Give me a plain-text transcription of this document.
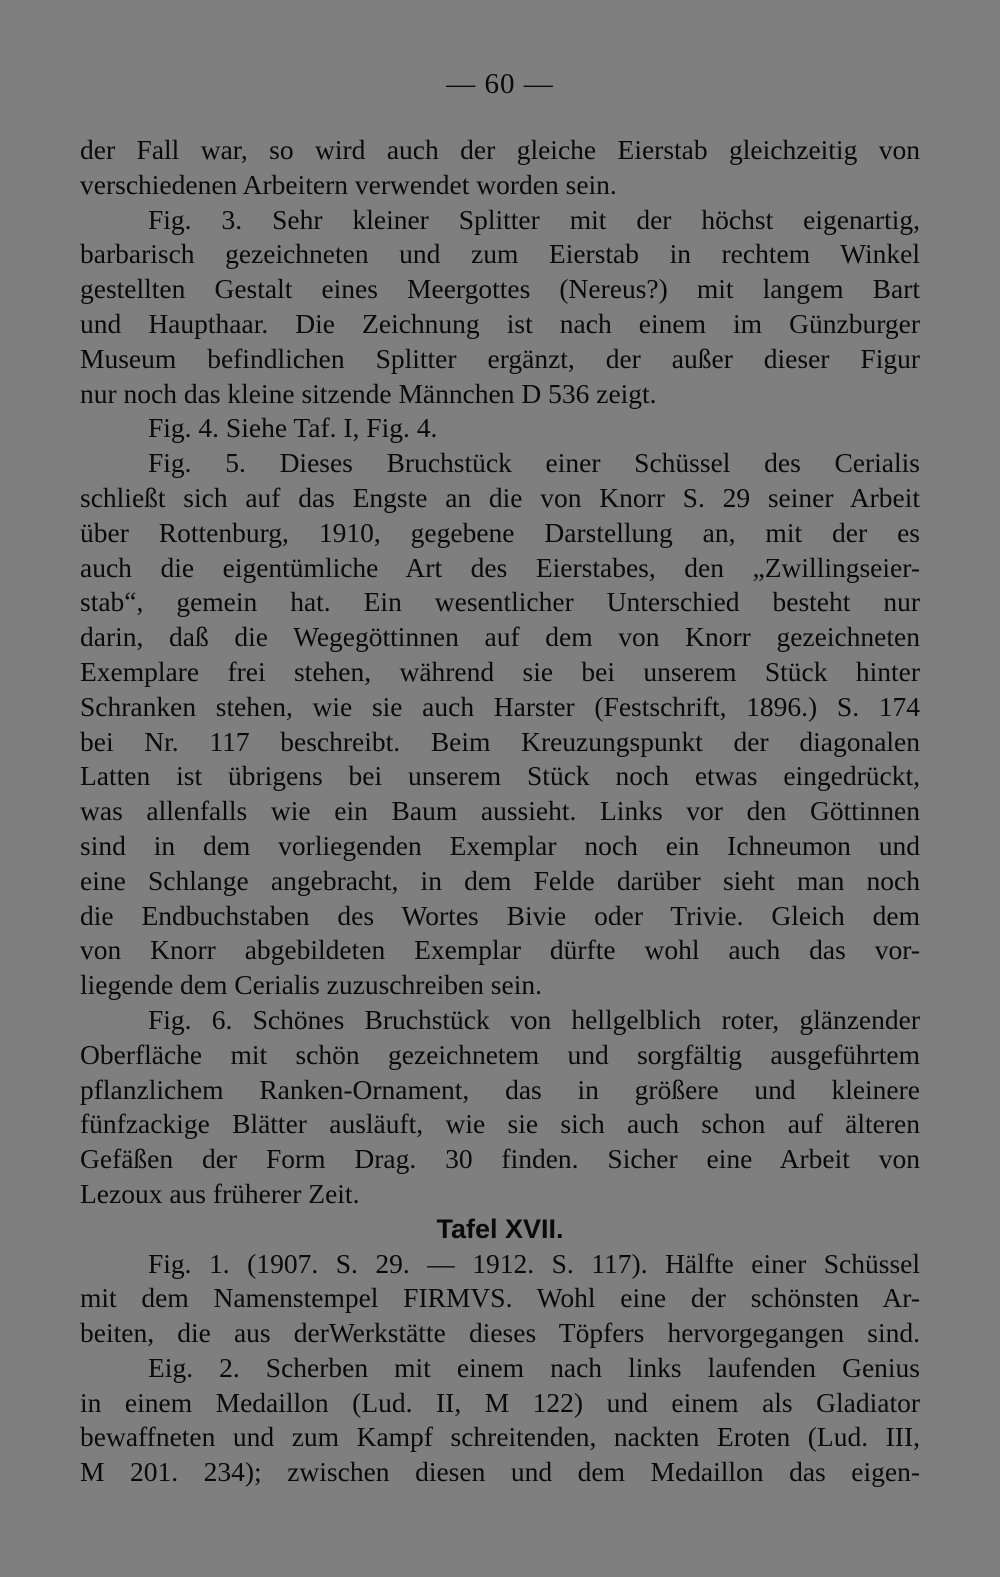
— 60 —
der Fall war, so wird auch der gleiche Eierstab gleichzeitig von
verschiedenen Arbeitern verwendet worden sein.
Fig. 3. Sehr kleiner Splitter mit der höchst eigenartig,
barbarisch gezeichneten und zum Eierstab in rechtem Winkel
gestellten Gestalt eines Meergottes (Nereus?) mit langem Bart
und Haupthaar. Die Zeichnung ist nach einem im Günzburger
Museum befindlichen Splitter ergänzt, der außer dieser Figur
nur noch das kleine sitzende Männchen D 536 zeigt.
Fig. 4. Siehe Taf. I, Fig. 4.
Fig. 5. Dieses Bruchstück einer Schüssel des Cerialis
schließt sich auf das Engste an die von Knorr S. 29 seiner Arbeit
über Rottenburg, 1910, gegebene Darstellung an, mit der es
auch die eigentümliche Art des Eierstabes, den „Zwillingseier-
stab“, gemein hat. Ein wesentlicher Unterschied besteht nur
darin, daß die Wegegöttinnen auf dem von Knorr gezeichneten
Exemplare frei stehen, während sie bei unserem Stück hinter
Schranken stehen, wie sie auch Harster (Festschrift, 1896.) S. 174
bei Nr. 117 beschreibt. Beim Kreuzungspunkt der diagonalen
Latten ist übrigens bei unserem Stück noch etwas eingedrückt,
was allenfalls wie ein Baum aussieht. Links vor den Göttinnen
sind in dem vorliegenden Exemplar noch ein Ichneumon und
eine Schlange angebracht, in dem Felde darüber sieht man noch
die Endbuchstaben des Wortes Bivie oder Trivie. Gleich dem
von Knorr abgebildeten Exemplar dürfte wohl auch das vor-
liegende dem Cerialis zuzuschreiben sein.
Fig. 6. Schönes Bruchstück von hellgelblich roter, glänzender
Oberfläche mit schön gezeichnetem und sorgfältig ausgeführtem
pflanzlichem Ranken-Ornament, das in größere und kleinere
fünfzackige Blätter ausläuft, wie sie sich auch schon auf älteren
Gefäßen der Form Drag. 30 finden. Sicher eine Arbeit von
Lezoux aus früherer Zeit.
Tafel XVII.
Fig. 1. (1907. S. 29. — 1912. S. 117). Hälfte einer Schüssel
mit dem Namenstempel FIRMVS. Wohl eine der schönsten Ar-
beiten, die aus derWerkstätte dieses Töpfers hervorgegangen sind.
Eig. 2. Scherben mit einem nach links laufenden Genius
in einem Medaillon (Lud. II, M 122) und einem als Gladiator
bewaffneten und zum Kampf schreitenden, nackten Eroten (Lud. III,
M 201. 234); zwischen diesen und dem Medaillon das eigen-
